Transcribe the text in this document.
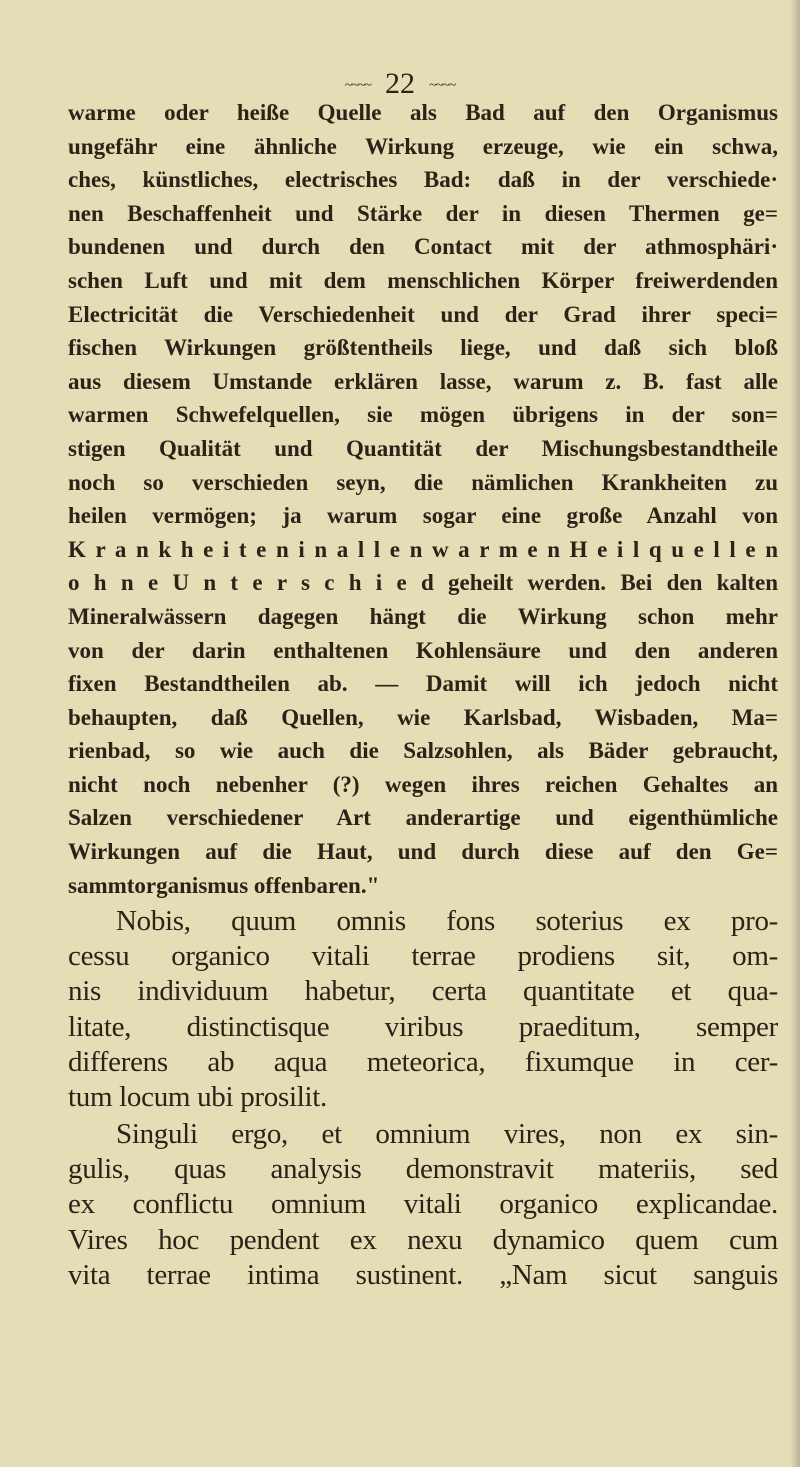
~~~~ 22 ~~~~
warme oder heiße Quelle als Bad auf den Organismus
ungefähr eine ähnliche Wirkung erzeuge, wie ein schwa,
ches, künstliches, electrisches Bad: daß in der verschiede·
nen Beschaffenheit und Stärke der in diesen Thermen ge=
bundenen und durch den Contact mit der athmosphäri·
schen Luft und mit dem menschlichen Körper freiwerdenden
Electricität die Verschiedenheit und der Grad ihrer speci=
fischen Wirkungen größtentheils liege, und daß sich bloß
aus diesem Umstande erklären lasse, warum z. B. fast alle
warmen Schwefelquellen, sie mögen übrigens in der son=
stigen Qualität und Quantität der Mischungsbestandtheile
noch so verschieden seyn, die nämlichen Krankheiten zu
heilen vermögen; ja warum sogar eine große Anzahl von
K r a n k h e i t e n i n a l l e n w a r m e n H e i l q u e l l e n
o h n e U n t e r s c h i e d geheilt werden. Bei den kalten
Mineralwässern dagegen hängt die Wirkung schon mehr
von der darin enthaltenen Kohlensäure und den anderen
fixen Bestandtheilen ab. — Damit will ich jedoch nicht
behaupten, daß Quellen, wie Karlsbad, Wisbaden, Ma=
rienbad, so wie auch die Salzsohlen, als Bäder gebraucht,
nicht noch nebenher (?) wegen ihres reichen Gehaltes an
Salzen verschiedener Art anderartige und eigenthümliche
Wirkungen auf die Haut, und durch diese auf den Ge=
sammtorganismus offenbaren."
Nobis, quum omnis fons soterius ex pro-
cessu organico vitali terrae prodiens sit, om-
nis individuum habetur, certa quantitate et qua-
litate, distinctisque viribus praeditum, semper
differens ab aqua meteorica, fixumque in cer-
tum locum ubi prosilit.
Singuli ergo, et omnium vires, non ex sin-
gulis, quas analysis demonstravit materiis, sed
ex conflictu omnium vitali organico explicandae.
Vires hoc pendent ex nexu dynamico quem cum
vita terrae intima sustinent. „Nam sicut sanguis
